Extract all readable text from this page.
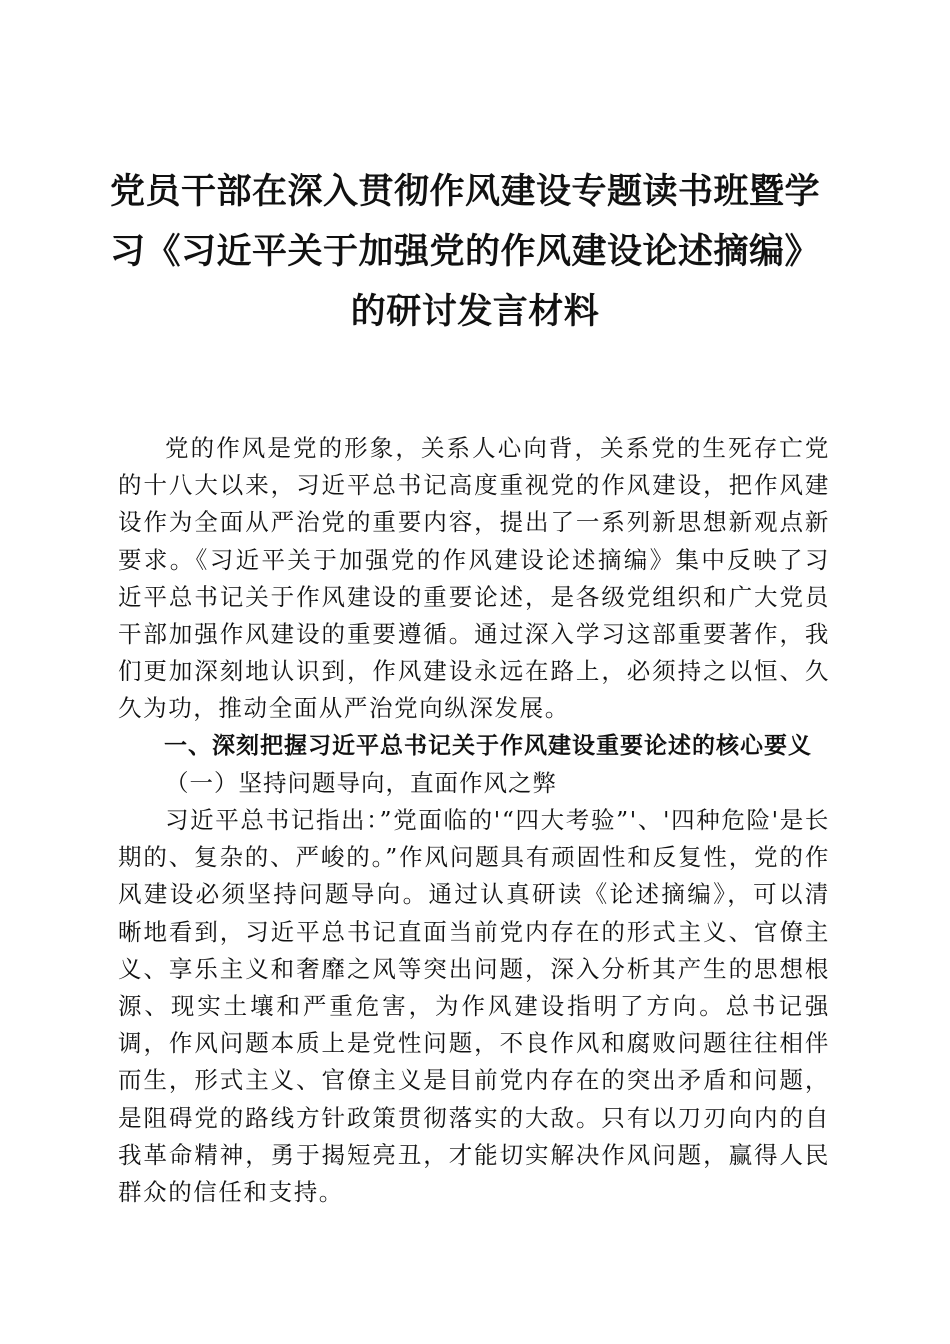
党员干部在深入贯彻作风建设专题读书班暨学
习《习近平关于加强党的作风建设论述摘编》
的研讨发言材料

党的作风是党的形象，关系人心向背，关系党的生死存亡党的十八大以来，习近平总书记高度重视党的作风建设，把作风建设作为全面从严治党的重要内容，提出了一系列新思想新观点新要求。《习近平关于加强党的作风建设论述摘编》集中反映了习近平总书记关于作风建设的重要论述，是各级党组织和广大党员干部加强作风建设的重要遵循。通过深入学习这部重要著作，我们更加深刻地认识到，作风建设永远在路上，必须持之以恒、久久为功，推动全面从严治党向纵深发展。

一、深刻把握习近平总书记关于作风建设重要论述的核心要义

（一）坚持问题导向，直面作风之弊

习近平总书记指出：”党面临的'“四大考验”'、'四种危险'是长期的、复杂的、严峻的。”作风问题具有顽固性和反复性，党的作风建设必须坚持问题导向。通过认真研读《论述摘编》，可以清晰地看到，习近平总书记直面当前党内存在的形式主义、官僚主义、享乐主义和奢靡之风等突出问题，深入分析其产生的思想根源、现实土壤和严重危害，为作风建设指明了方向。总书记强调，作风问题本质上是党性问题，不良作风和腐败问题往往相伴而生，形式主义、官僚主义是目前党内存在的突出矛盾和问题，是阻碍党的路线方针政策贯彻落实的大敌。只有以刀刃向内的自我革命精神，勇于揭短亮丑，才能切实解决作风问题，赢得人民群众的信任和支持。
